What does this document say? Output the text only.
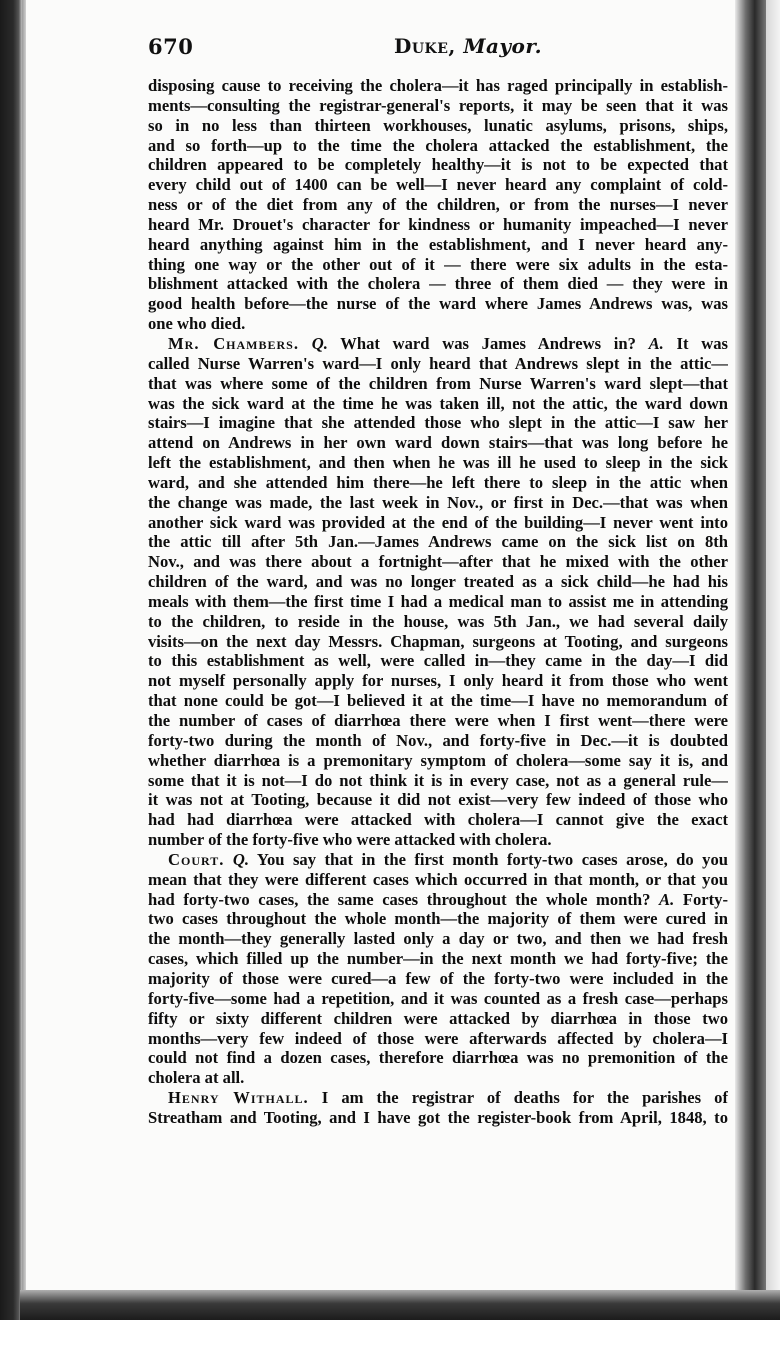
670	Duke, Mayor.

disposing cause to receiving the cholera—it has raged principally in establish-
ments—consulting the registrar-general's reports, it may be seen that it was
so in no less than thirteen workhouses, lunatic asylums, prisons, ships,
and so forth—up to the time the cholera attacked the establishment, the
children appeared to be completely healthy—it is not to be expected that
every child out of 1400 can be well—I never heard any complaint of cold-
ness or of the diet from any of the children, or from the nurses—I never
heard Mr. Drouet's character for kindness or humanity impeached—I never
heard anything against him in the establishment, and I never heard any-
thing one way or the other out of it — there were six adults in the esta-
blishment attacked with the cholera — three of them died — they were in
good health before—the nurse of the ward where James Andrews was, was
one who died.

Mr. Chambers. Q. What ward was James Andrews in? A. It was
called Nurse Warren's ward—I only heard that Andrews slept in the attic—
that was where some of the children from Nurse Warren's ward slept—that
was the sick ward at the time he was taken ill, not the attic, the ward down
stairs—I imagine that she attended those who slept in the attic—I saw her
attend on Andrews in her own ward down stairs—that was long before he
left the establishment, and then when he was ill he used to sleep in the sick
ward, and she attended him there—he left there to sleep in the attic when
the change was made, the last week in Nov., or first in Dec.—that was when
another sick ward was provided at the end of the building—I never went into
the attic till after 5th Jan.—James Andrews came on the sick list on 8th
Nov., and was there about a fortnight—after that he mixed with the other
children of the ward, and was no longer treated as a sick child—he had his
meals with them—the first time I had a medical man to assist me in attending
to the children, to reside in the house, was 5th Jan., we had several daily
visits—on the next day Messrs. Chapman, surgeons at Tooting, and surgeons
to this establishment as well, were called in—they came in the day—I did
not myself personally apply for nurses, I only heard it from those who went
that none could be got—I believed it at the time—I have no memorandum of
the number of cases of diarrhœa there were when I first went—there were
forty-two during the month of Nov., and forty-five in Dec.—it is doubted
whether diarrhœa is a premonitary symptom of cholera—some say it is, and
some that it is not—I do not think it is in every case, not as a general rule—
it was not at Tooting, because it did not exist—very few indeed of those who
had had diarrhœa were attacked with cholera—I cannot give the exact
number of the forty-five who were attacked with cholera.

Court. Q. You say that in the first month forty-two cases arose, do you
mean that they were different cases which occurred in that month, or that you
had forty-two cases, the same cases throughout the whole month? A. Forty-
two cases throughout the whole month—the majority of them were cured in
the month—they generally lasted only a day or two, and then we had fresh
cases, which filled up the number—in the next month we had forty-five; the
majority of those were cured—a few of the forty-two were included in the
forty-five—some had a repetition, and it was counted as a fresh case—perhaps
fifty or sixty different children were attacked by diarrhœa in those two
months—very few indeed of those were afterwards affected by cholera—I
could not find a dozen cases, therefore diarrhœa was no premonition of the
cholera at all.

Henry Withall. I am the registrar of deaths for the parishes of
Streatham and Tooting, and I have got the register-book from April, 1848, to
